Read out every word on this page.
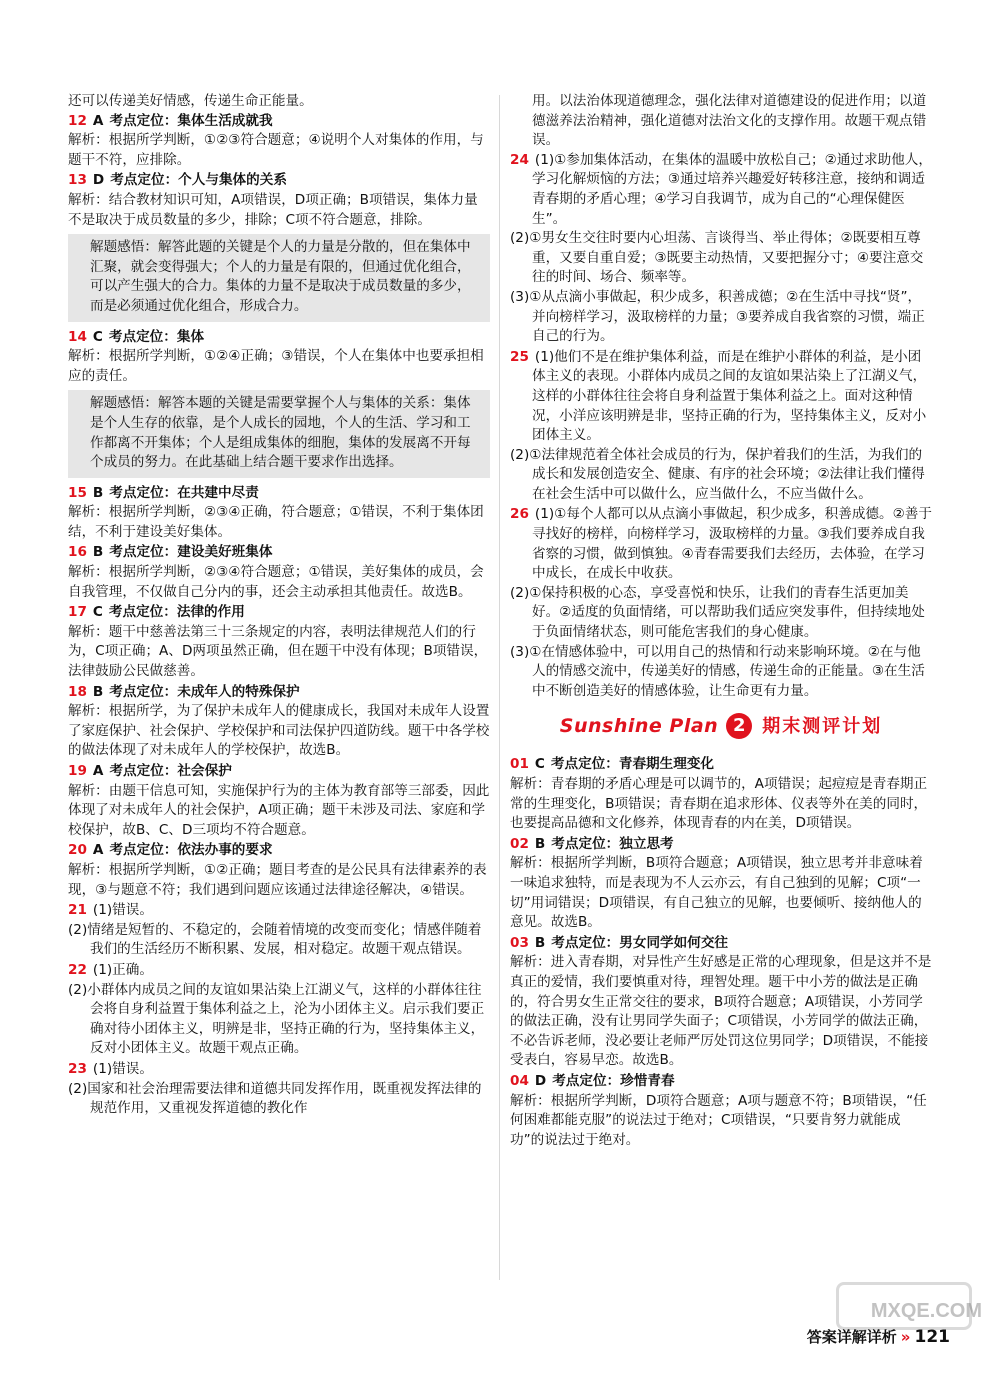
还可以传递美好情感，传递生命正能量。

12 A 考点定位：集体生活成就我

解析：根据所学判断，①②③符合题意；④说明个人对集体的作用，与题干不符，应排除。

13 D 考点定位：个人与集体的关系

解析：结合教材知识可知，A项错误，D项正确；B项错误，集体力量不是取决于成员数量的多少，排除；C项不符合题意，排除。

解题感悟：解答此题的关键是个人的力量是分散的，但在集体中汇聚，就会变得强大；个人的力量是有限的，但通过优化组合，可以产生强大的合力。集体的力量不是取决于成员数量的多少，而是必须通过优化组合，形成合力。
14 C 考点定位：集体

解析：根据所学判断，①②④正确；③错误，个人在集体中也要承担相应的责任。

解题感悟：解答本题的关键是需要掌握个人与集体的关系：集体是个人生存的依靠，是个人成长的园地，个人的生活、学习和工作都离不开集体；个人是组成集体的细胞，集体的发展离不开每个成员的努力。在此基础上结合题干要求作出选择。
15 B 考点定位：在共建中尽责

解析：根据所学判断，②③④正确，符合题意；①错误，不利于集体团结，不利于建设美好集体。

16 B 考点定位：建设美好班集体

解析：根据所学判断，②③④符合题意；①错误，美好集体的成员，会自我管理，不仅做自己分内的事，还会主动承担其他责任。故选B。

17 C 考点定位：法律的作用

解析：题干中慈善法第三十三条规定的内容，表明法律规范人们的行为，C项正确；A、D两项虽然正确，但在题干中没有体现；B项错误，法律鼓励公民做慈善。

18 B 考点定位：未成年人的特殊保护

解析：根据所学，为了保护未成年人的健康成长，我国对未成年人设置了家庭保护、社会保护、学校保护和司法保护四道防线。题干中各学校的做法体现了对未成年人的学校保护，故选B。

19 A 考点定位：社会保护

解析：由题干信息可知，实施保护行为的主体为教育部等三部委，因此体现了对未成年人的社会保护，A项正确；题干未涉及司法、家庭和学校保护，故B、C、D三项均不符合题意。

20 A 考点定位：依法办事的要求

解析：根据所学判断，①②正确；题目考查的是公民具有法律素养的表现，③与题意不符；我们遇到问题应该通过法律途径解决，④错误。

21 (1)错误。

(2)情绪是短暂的、不稳定的，会随着情境的改变而变化；情感伴随着我们的生活经历不断积累、发展，相对稳定。故题干观点错误。

22 (1)正确。

(2)小群体内成员之间的友谊如果沾染上江湖义气，这样的小群体往往会将自身利益置于集体利益之上，沦为小团体主义。启示我们要正确对待小团体主义，明辨是非，坚持正确的行为，坚持集体主义，反对小团体主义。故题干观点正确。

23 (1)错误。

(2)国家和社会治理需要法律和道德共同发挥作用，既重视发挥法律的规范作用，又重视发挥道德的教化作

用。以法治体现道德理念，强化法律对道德建设的促进作用；以道德滋养法治精神，强化道德对法治文化的支撑作用。故题干观点错误。

24 (1)①参加集体活动，在集体的温暖中放松自己；②通过求助他人，学习化解烦恼的方法；③通过培养兴趣爱好转移注意，接纳和调适青春期的矛盾心理；④学习自我调节，成为自己的“心理保健医生”。

(2)①男女生交往时要内心坦荡、言谈得当、举止得体；②既要相互尊重，又要自重自爱；③既要主动热情，又要把握分寸；④要注意交往的时间、场合、频率等。

(3)①从点滴小事做起，积少成多，积善成德；②在生活中寻找“贤”，并向榜样学习，汲取榜样的力量；③要养成自我省察的习惯，端正自己的行为。

25 (1)他们不是在维护集体利益，而是在维护小群体的利益，是小团体主义的表现。小群体内成员之间的友谊如果沾染上了江湖义气，这样的小群体往往会将自身利益置于集体利益之上。面对这种情况，小洋应该明辨是非，坚持正确的行为，坚持集体主义，反对小团体主义。

(2)①法律规范着全体社会成员的行为，保护着我们的生活，为我们的成长和发展创造安全、健康、有序的社会环境；②法律让我们懂得在社会生活中可以做什么，应当做什么，不应当做什么。

26 (1)①每个人都可以从点滴小事做起，积少成多，积善成德。②善于寻找好的榜样，向榜样学习，汲取榜样的力量。③我们要养成自我省察的习惯，做到慎独。④青春需要我们去经历，去体验，在学习中成长，在成长中收获。

(2)①保持积极的心态，享受喜悦和快乐，让我们的青春生活更加美好。②适度的负面情绪，可以帮助我们适应突发事件，但持续地处于负面情绪状态，则可能危害我们的身心健康。

(3)①在情感体验中，可以用自己的热情和行动来影响环境。②在与他人的情感交流中，传递美好的情感，传递生命的正能量。③在生活中不断创造美好的情感体验，让生命更有力量。

Sunshine Plan 2 期末测评计划
01 C 考点定位：青春期生理变化

解析：青春期的矛盾心理是可以调节的，A项错误；起痘痘是青春期正常的生理变化，B项错误；青春期在追求形体、仪表等外在美的同时，也要提高品德和文化修养，体现青春的内在美，D项错误。

02 B 考点定位：独立思考

解析：根据所学判断，B项符合题意；A项错误，独立思考并非意味着一味追求独特，而是表现为不人云亦云，有自己独到的见解；C项“一切”用词错误；D项错误，有自己独立的见解，也要倾听、接纳他人的意见。故选B。

03 B 考点定位：男女同学如何交往

解析：进入青春期，对异性产生好感是正常的心理现象，但是这并不是真正的爱情，我们要慎重对待，理智处理。题干中小芳的做法是正确的，符合男女生正常交往的要求，B项符合题意；A项错误，小芳同学的做法正确，没有让男同学失面子；C项错误，小芳同学的做法正确，不必告诉老师，没必要让老师严厉处罚这位男同学；D项错误，不能接受表白，容易早恋。故选B。

04 D 考点定位：珍惜青春

解析：根据所学判断，D项符合题意；A项与题意不符；B项错误，“任何困难都能克服”的说法过于绝对；C项错误，“只要肯努力就能成功”的说法过于绝对。

MXQE.COM
答案详解详析 » 121
